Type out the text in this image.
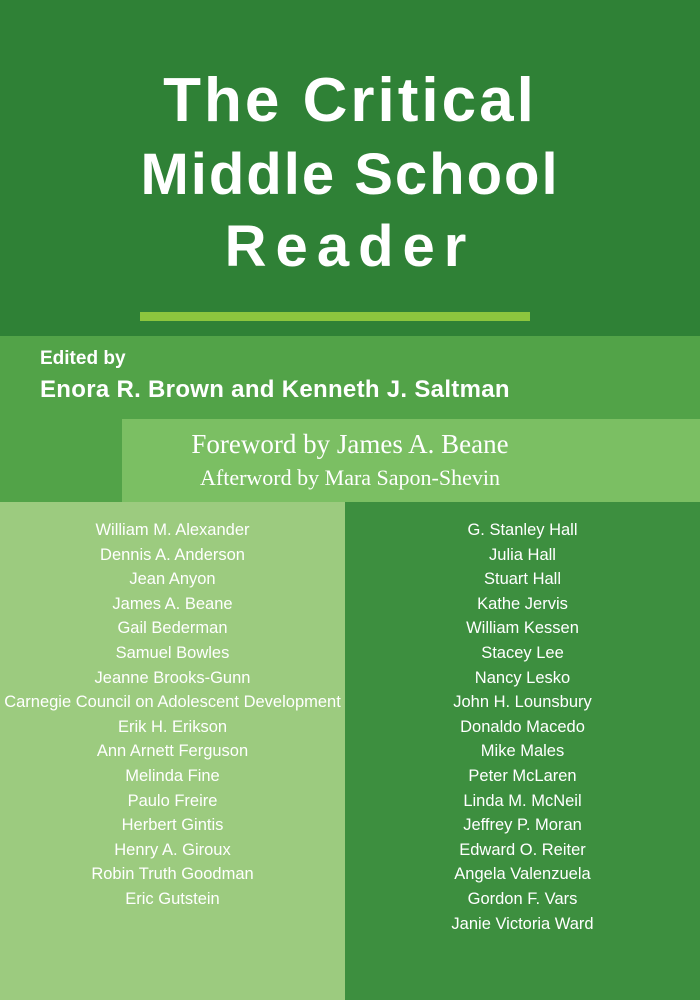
The Critical
Middle School
Reader
Edited by
Enora R. Brown and Kenneth J. Saltman
Foreword by James A. Beane
Afterword by Mara Sapon-Shevin
William M. Alexander
Dennis A. Anderson
Jean Anyon
James A. Beane
Gail Bederman
Samuel Bowles
Jeanne Brooks-Gunn
Carnegie Council on Adolescent Development
Erik H. Erikson
Ann Arnett Ferguson
Melinda Fine
Paulo Freire
Herbert Gintis
Henry A. Giroux
Robin Truth Goodman
Eric Gutstein
G. Stanley Hall
Julia Hall
Stuart Hall
Kathe Jervis
William Kessen
Stacey Lee
Nancy Lesko
John H. Lounsbury
Donaldo Macedo
Mike Males
Peter McLaren
Linda M. McNeil
Jeffrey P. Moran
Edward O. Reiter
Angela Valenzuela
Gordon F. Vars
Janie Victoria Ward
